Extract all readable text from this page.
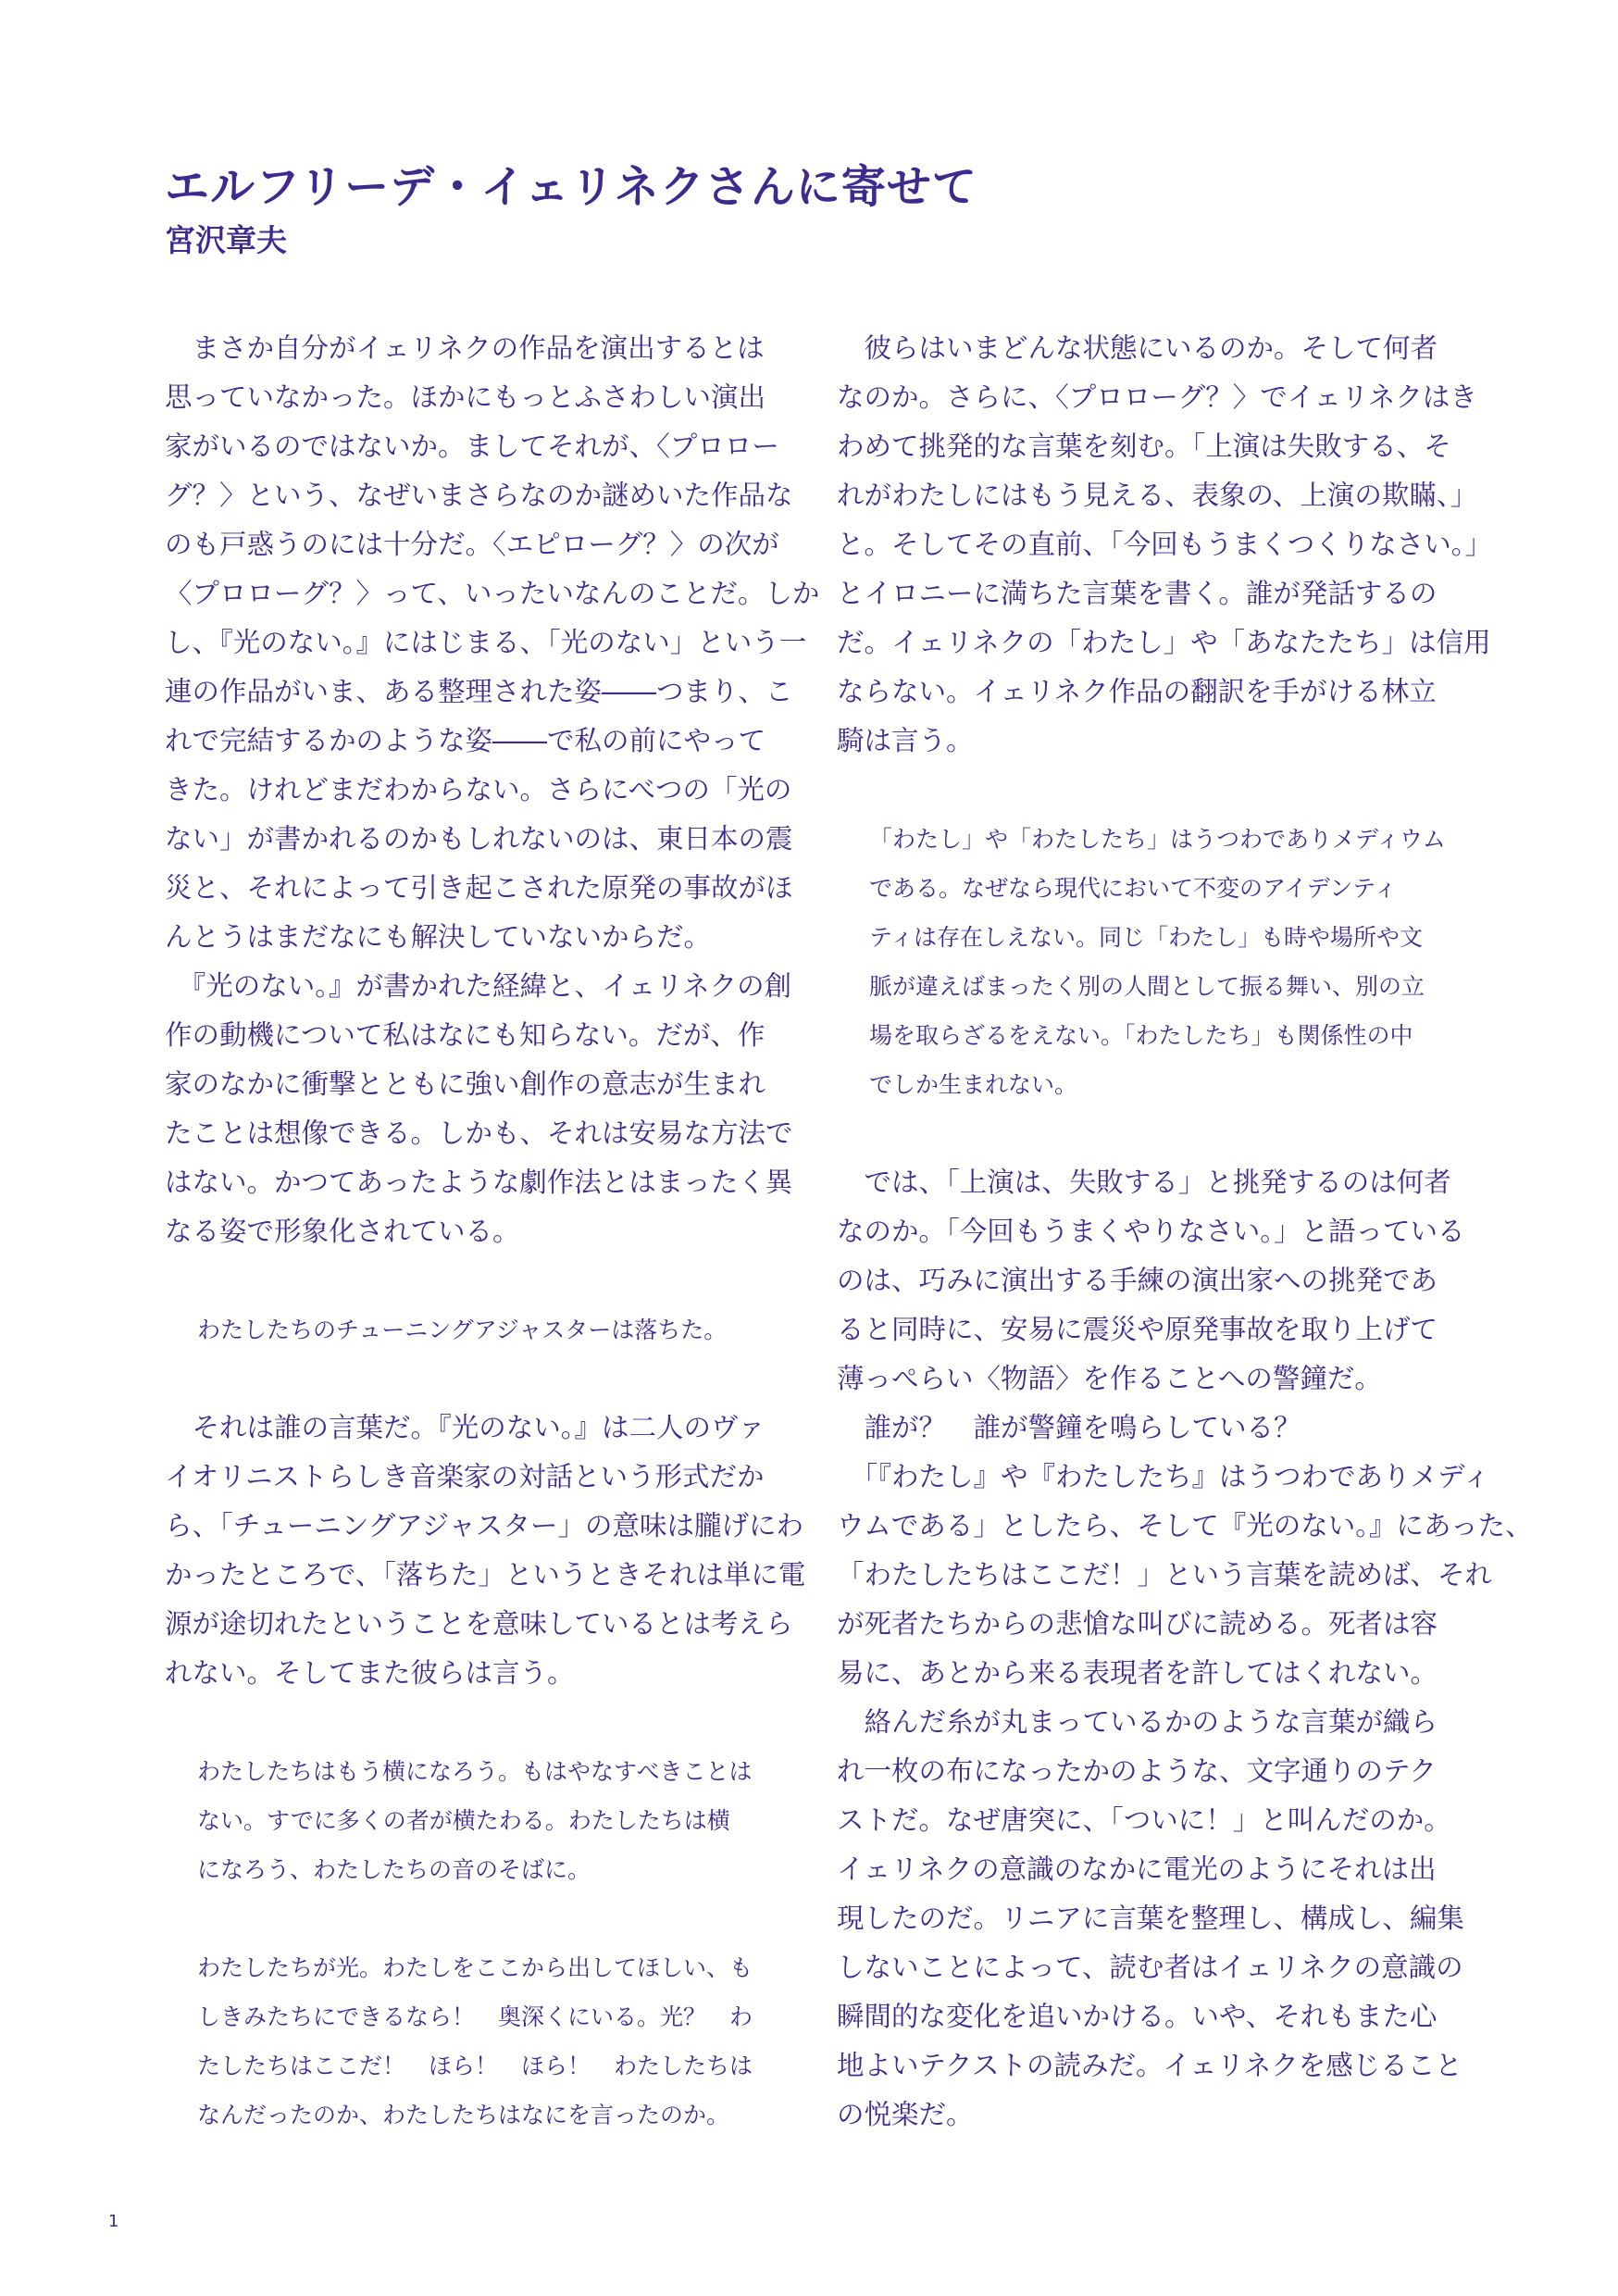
エルフリーデ・イェリネクさんに寄せて
宮沢章夫
　まさか自分がイェリネクの作品を演出するとは
思っていなかった。ほかにもっとふさわしい演出
家がいるのではないか。ましてそれが、〈プロロー
グ？〉という、なぜいまさらなのか謎めいた作品な
のも戸惑うのには十分だ。〈エピローグ？〉の次が
〈プロローグ？〉って、いったいなんのことだ。しか
し、『光のない。』にはじまる、「光のない」という一
連の作品がいま、ある整理された姿――つまり、こ
れで完結するかのような姿――で私の前にやって
きた。けれどまだわからない。さらにべつの「光の
ない」が書かれるのかもしれないのは、東日本の震
災と、それによって引き起こされた原発の事故がほ
んとうはまだなにも解決していないからだ。
　『光のない。』が書かれた経緯と、イェリネクの創
作の動機について私はなにも知らない。だが、作
家のなかに衝撃とともに強い創作の意志が生まれ
たことは想像できる。しかも、それは安易な方法で
はない。かつてあったような劇作法とはまったく異
なる姿で形象化されている。
わたしたちのチューニングアジャスターは落ちた。
　それは誰の言葉だ。『光のない。』は二人のヴァ
イオリニストらしき音楽家の対話という形式だか
ら、「チューニングアジャスター」の意味は朧げにわ
かったところで、「落ちた」というときそれは単に電
源が途切れたということを意味しているとは考えら
れない。そしてまた彼らは言う。
わたしたちはもう横になろう。もはやなすべきことは
ない。すでに多くの者が横たわる。わたしたちは横
になろう、わたしたちの音のそばに。
わたしたちが光。わたしをここから出してほしい、も
しきみたちにできるなら！　奥深くにいる。光？　わ
たしたちはここだ！　ほら！　ほら！　わたしたちは
なんだったのか、わたしたちはなにを言ったのか。
　彼らはいまどんな状態にいるのか。そして何者
なのか。さらに、〈プロローグ？〉でイェリネクはき
わめて挑発的な言葉を刻む。「上演は失敗する、そ
れがわたしにはもう見える、表象の、上演の欺瞞、」
と。そしてその直前、「今回もうまくつくりなさい。」
とイロニーに満ちた言葉を書く。誰が発話するの
だ。イェリネクの「わたし」や「あなたたち」は信用
ならない。イェリネク作品の翻訳を手がける林立
騎は言う。
「わたし」や「わたしたち」はうつわでありメディウム
である。なぜなら現代において不変のアイデンティ
ティは存在しえない。同じ「わたし」も時や場所や文
脈が違えばまったく別の人間として振る舞い、別の立
場を取らざるをえない。「わたしたち」も関係性の中
でしか生まれない。
　では、「上演は、失敗する」と挑発するのは何者
なのか。「今回もうまくやりなさい。」と語っている
のは、巧みに演出する手練の演出家への挑発であ
ると同時に、安易に震災や原発事故を取り上げて
薄っぺらい〈物語〉を作ることへの警鐘だ。
　誰が？　誰が警鐘を鳴らしている？
　「『わたし』や『わたしたち』はうつわでありメディ
ウムである」としたら、そして『光のない。』にあった、
「わたしたちはここだ！」という言葉を読めば、それ
が死者たちからの悲愴な叫びに読める。死者は容
易に、あとから来る表現者を許してはくれない。
　絡んだ糸が丸まっているかのような言葉が織ら
れ一枚の布になったかのような、文字通りのテク
ストだ。なぜ唐突に、「ついに！」と叫んだのか。
イェリネクの意識のなかに電光のようにそれは出
現したのだ。リニアに言葉を整理し、構成し、編集
しないことによって、読む者はイェリネクの意識の
瞬間的な変化を追いかける。いや、それもまた心
地よいテクストの読みだ。イェリネクを感じること
の悦楽だ。
1
